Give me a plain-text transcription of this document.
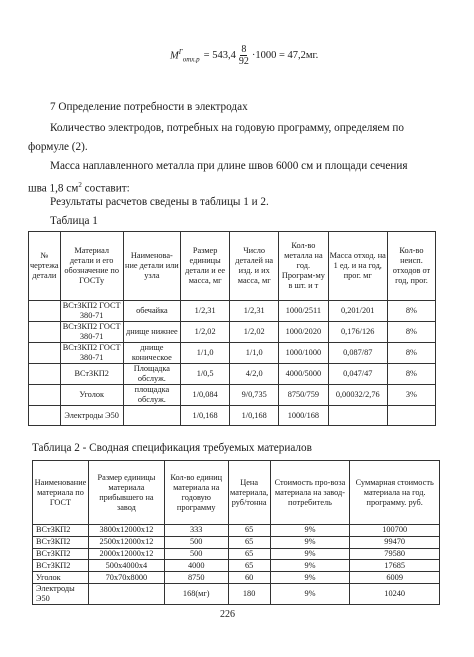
$M^Г_{отх.р} = 543,4 \frac{8}{92} \cdot 1000 = 47,2мг$.
7 Определение потребности в электродах
Количество электродов, потребных на годовую программу, определяем по
формуле (2).
Масса наплавленного металла при длине швов 6000 см и площади сечения
шва 1,8 $см^2$ составит:
Результаты расчетов сведены в таблицы 1 и 2.
Таблица 1
№ чертежа детали	Материал детали и его обозначение по ГОСТу	Наименова-ние детали или узла	Размер единицы детали и ее масса, мг	Число деталей на изд. и их масса, мг	Кол-во металла на год. Програм-му в шт. и т	Масса отход. на 1 ед. и на год, прог. мг	Кол-во неисп. отходов от год, прог.
	ВСтЗКП2 ГОСТ 380-71	обечайка	1/2,31	1/2,31	1000/2511	0,201/201	8%
	ВСтЗКП2 ГОСТ 380-71	днище нижнее	1/2,02	1/2,02	1000/2020	0,176/126	8%
	ВСтЗКП2 ГОСТ 380-71	днище коническое	1/1,0	1/1,0	1000/1000	0,087/87	8%
	ВСтЗКП2	Площадка обслуж.	1/0,5	4/2,0	4000/5000	0,047/47	8%
	Уголок	площадка обслуж.	1/0,084	9/0,735	8750/759	0,00032/2,76	3%
	Электроды Э50		1/0,168	1/0,168	1000/168		
Таблица 2 - Сводная спецификация требуемых материалов
Наименование материала по ГОСТ	Размер единицы материала прибывшего на завод	Кол-во единиц материала на годовую программу	Цена материала, руб/тонна	Стоимость про-возa материала на завод-потребитель	Суммарная стоимость материала на год. программу. руб.
ВСтЗКП2	3800х12000х12	333	65	9%	100700
ВСтЗКП2	2500х12000х12	500	65	9%	99470
ВСтЗКП2	2000х12000х12	500	65	9%	79580
ВСтЗКП2	500х4000х4	4000	65	9%	17685
Уголок	70х70х8000	8750	60	9%	6009
Электроды Э50		168(мг)	180	9%	10240
226
